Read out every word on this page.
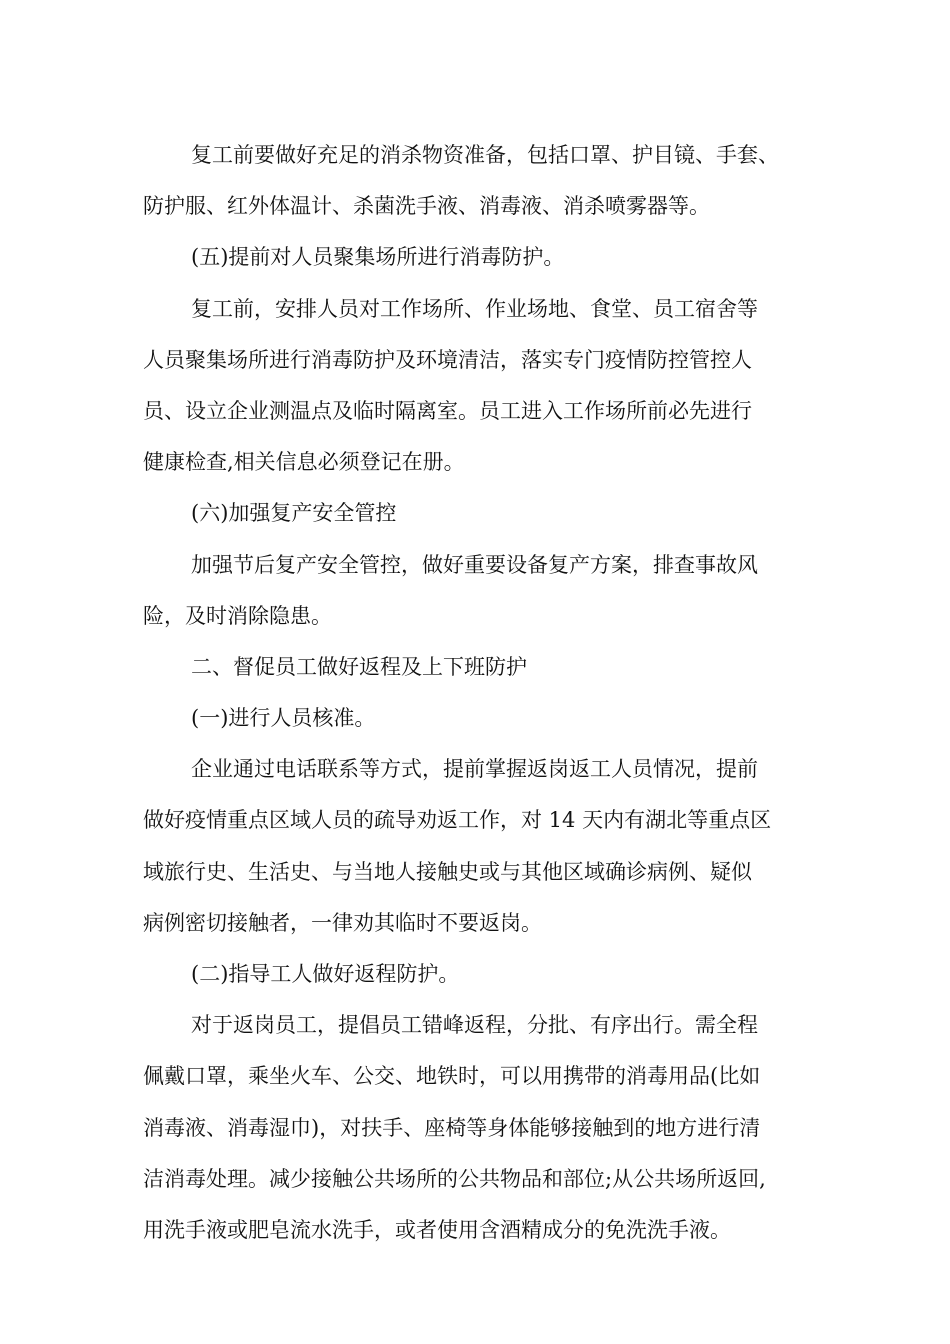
复工前要做好充足的消杀物资准备，包括口罩、护目镜、手套、
防护服、红外体温计、杀菌洗手液、消毒液、消杀喷雾器等。
(五)提前对人员聚集场所进行消毒防护。
复工前，安排人员对工作场所、作业场地、食堂、员工宿舍等
人员聚集场所进行消毒防护及环境清洁，落实专门疫情防控管控人
员、设立企业测温点及临时隔离室。员工进入工作场所前必先进行
健康检查,相关信息必须登记在册。
(六)加强复产安全管控
加强节后复产安全管控，做好重要设备复产方案，排查事故风
险，及时消除隐患。
二、督促员工做好返程及上下班防护
(一)进行人员核准。
企业通过电话联系等方式，提前掌握返岗返工人员情况，提前
做好疫情重点区域人员的疏导劝返工作，对 14 天内有湖北等重点区
域旅行史、生活史、与当地人接触史或与其他区域确诊病例、疑似
病例密切接触者，一律劝其临时不要返岗。
(二)指导工人做好返程防护。
对于返岗员工，提倡员工错峰返程，分批、有序出行。需全程
佩戴口罩，乘坐火车、公交、地铁时，可以用携带的消毒用品(比如
消毒液、消毒湿巾)，对扶手、座椅等身体能够接触到的地方进行清
洁消毒处理。减少接触公共场所的公共物品和部位;从公共场所返回,
用洗手液或肥皂流水洗手，或者使用含酒精成分的免洗洗手液。
